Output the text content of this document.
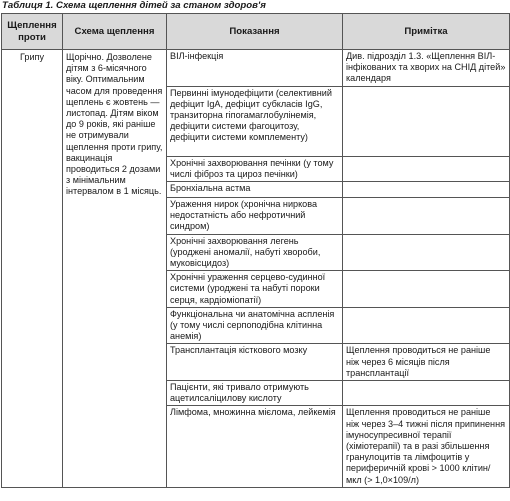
Таблиця 1. Схема щеплення дітей за станом здоров'я
Щеплення проти	Схема щеплення	Показання	Примітка
Грипу	Щорічно. Дозволене дітям з 6-місячного віку. Оптимальним часом для проведення щеплень є жовтень — листопад. Дітям віком до 9 років, які раніше не отримували щеплення проти грипу, вакцинація проводиться 2 дозами з мінімальним інтервалом в 1 місяць.	ВІЛ-інфекція	Див. підрозділ 1.3. «Щеплення ВІЛ-інфікованих та хворих на СНІД дітей» календаря
		Первинні імунодефіцити (селективний дефіцит IgA, дефіцит субкласів IgG, транзиторна гіпогамаглобулінемія, дефіцити системи фагоцитозу, дефіцити системи комплементу)	
		Хронічні захворювання печінки (у тому числі фіброз та цироз печінки)	
		Бронхіальна астма	
		Ураження нирок (хронічна ниркова недостатність або нефротичний синдром)	
		Хронічні захворювання легень (уроджені аномалії, набуті хвороби, муковісцидоз)	
		Хронічні ураження серцево-судинної системи (уроджені та набуті пороки серця, кардіоміопатії)	
		Функціональна чи анатомічна аспленія (у тому числі серпоподібна клітинна анемія)	
		Трансплантація кісткового мозку	Щеплення проводиться не раніше ніж через 6 місяців після трансплантації
		Пацієнти, які тривало отримують ацетилсаліцилову кислоту	
		Лімфома, множинна мієлома, лейкемія	Щеплення проводиться не раніше ніж через 3–4 тижні після припинення імуносупресивної терапії (хіміотерапії) та в разі збільшення гранулоцитів та лімфоцитів у периферичній крові > 1000 клітин/мкл (> 1,0×109/л)
